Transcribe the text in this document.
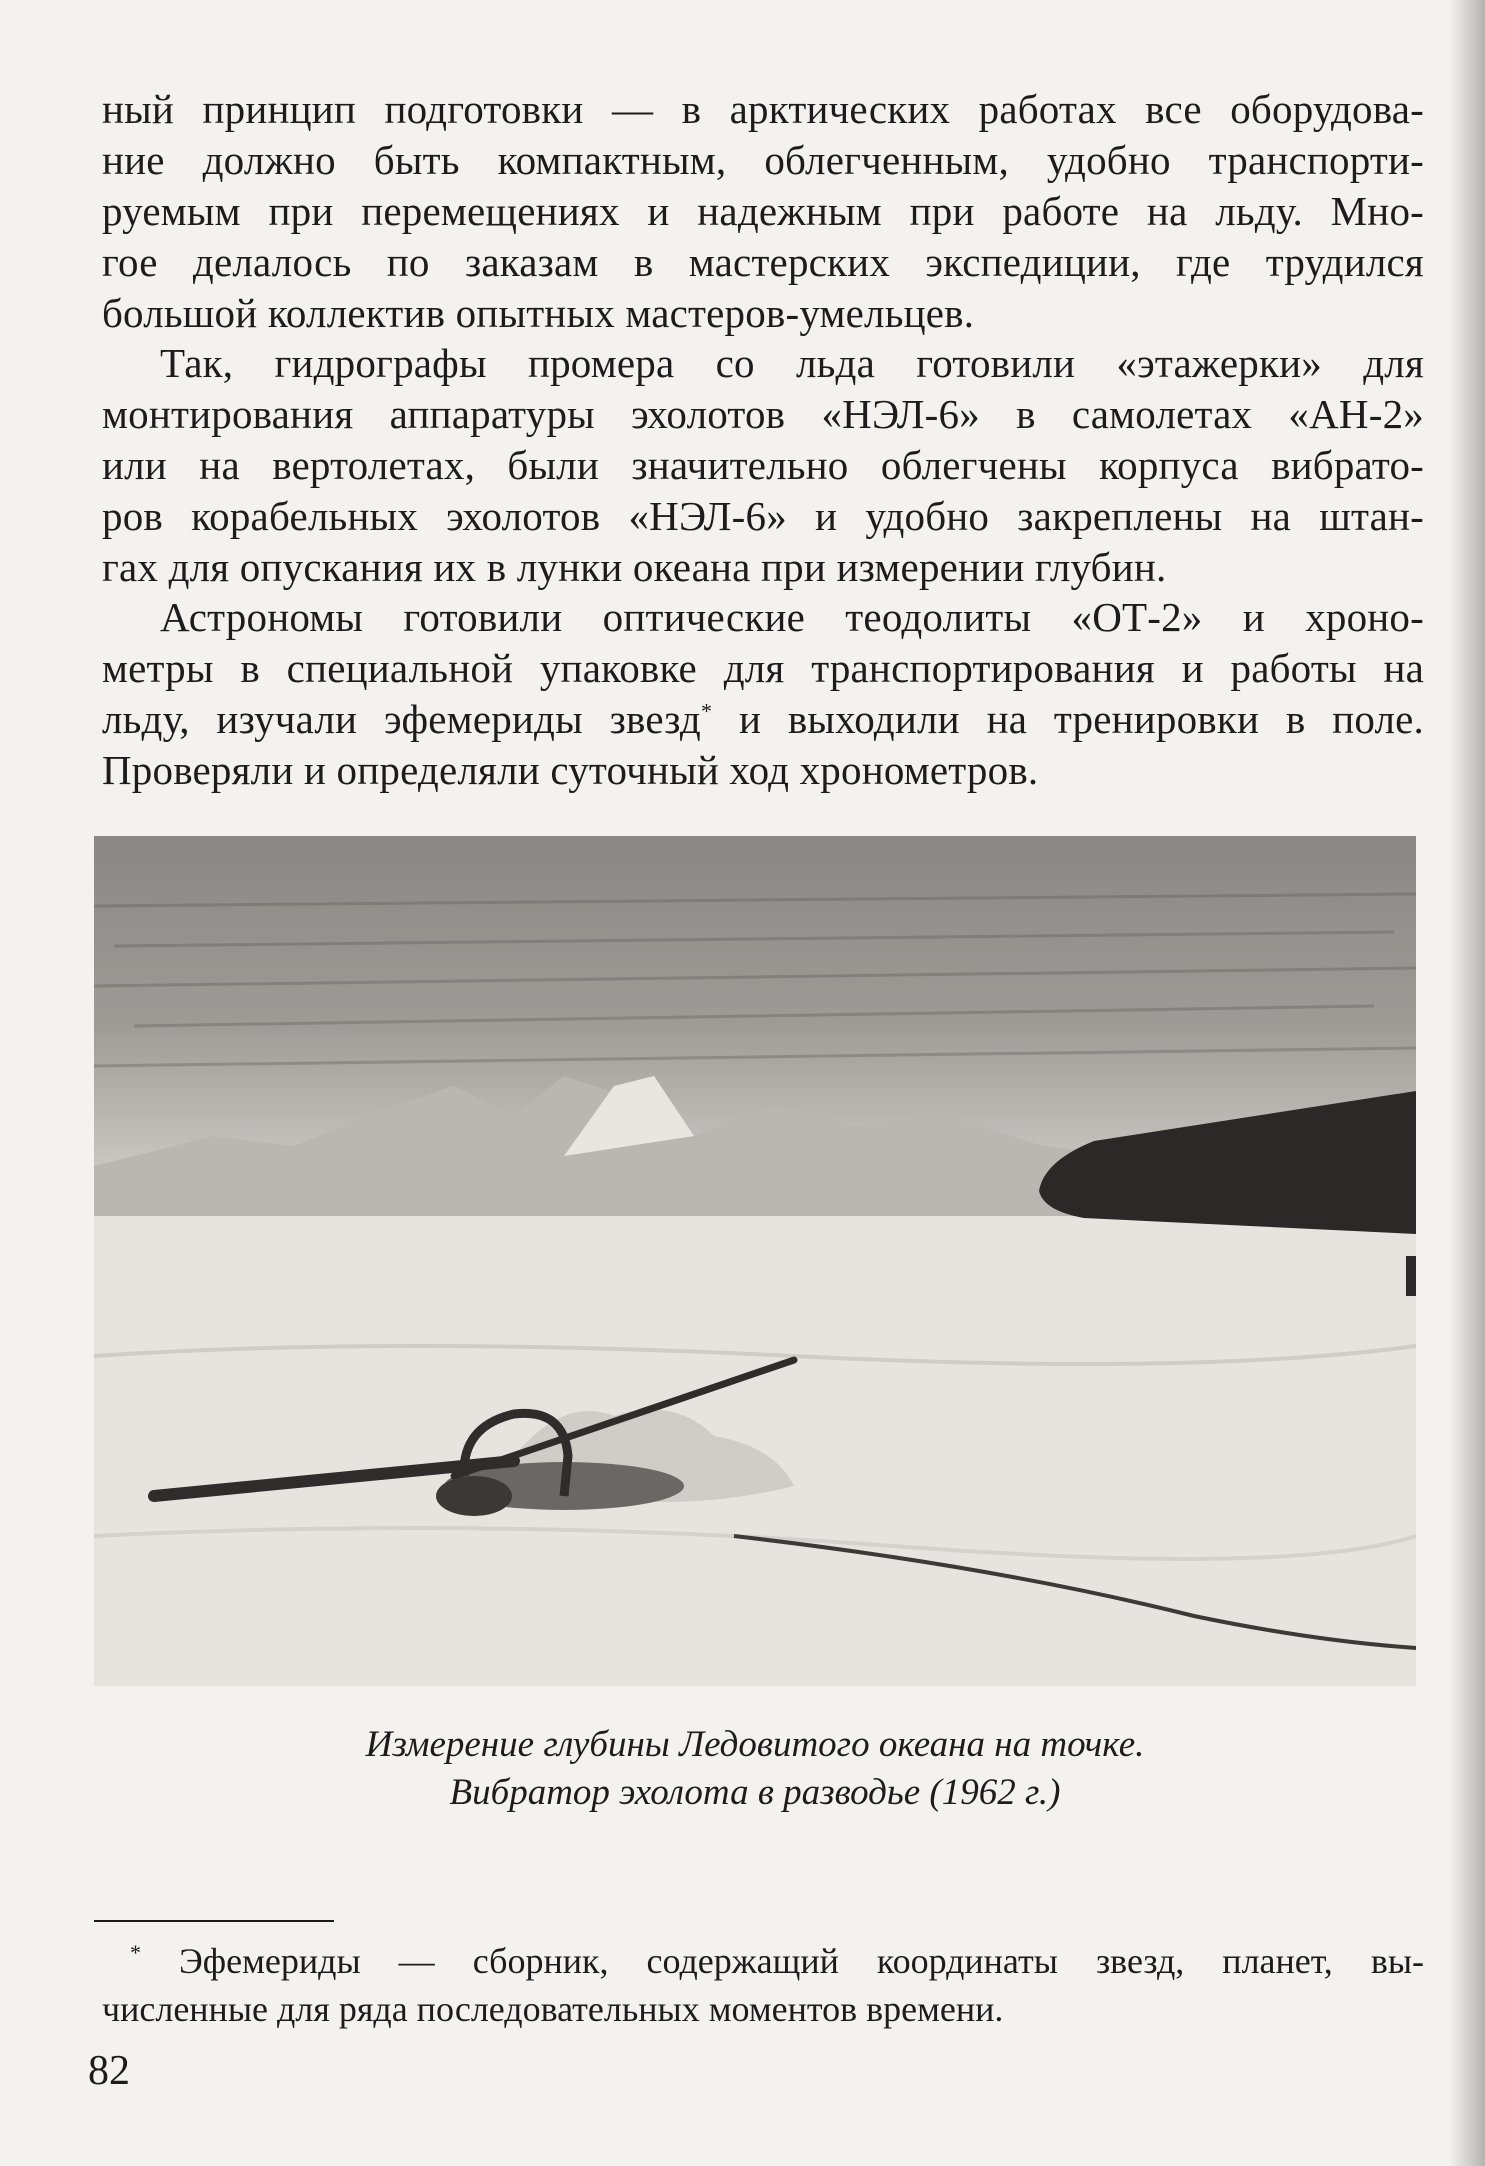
ный принцип подготовки — в арктических работах все оборудова-
ние должно быть компактным, облегченным, удобно транспорти-
руемым при перемещениях и надежным при работе на льду. Мно-
гое делалось по заказам в мастерских экспедиции, где трудился
большой коллектив опытных мастеров-умельцев.
Так, гидрографы промера со льда готовили «этажерки» для
монтирования аппаратуры эхолотов «НЭЛ-6» в самолетах «АН-2»
или на вертолетах, были значительно облегчены корпуса вибрато-
ров корабельных эхолотов «НЭЛ-6» и удобно закреплены на штан-
гах для опускания их в лунки океана при измерении глубин.
Астрономы готовили оптические теодолиты «ОТ-2» и хроно-
метры в специальной упаковке для транспортирования и работы на
льду, изучали эфемериды звезд* и выходили на тренировки в поле.
Проверяли и определяли суточный ход хронометров.
Измерение глубины Ледовитого океана на точке.
Вибратор эхолота в разводье (1962 г.)
* Эфемериды — сборник, содержащий координаты звезд, планет, вы-
численные для ряда последовательных моментов времени.
82
